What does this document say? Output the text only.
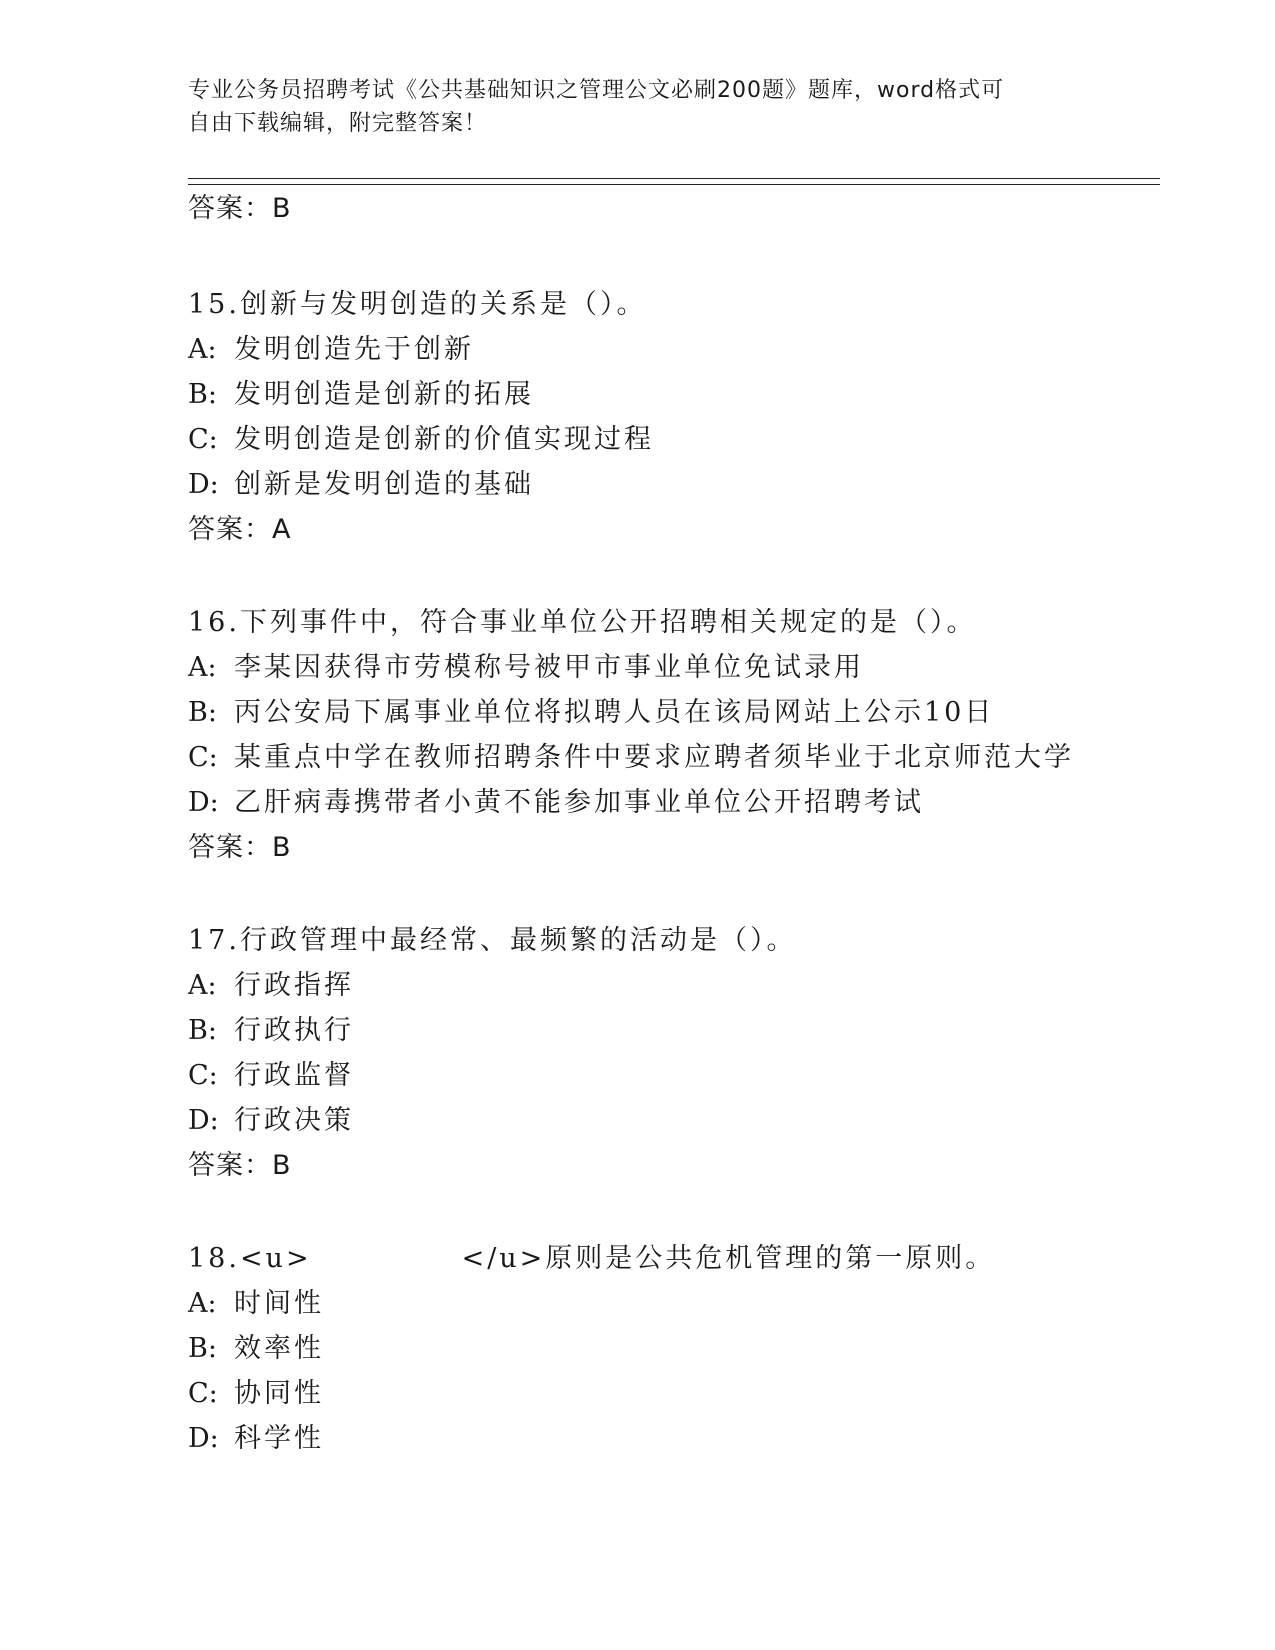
专业公务员招聘考试《公共基础知识之管理公文必刷200题》题库，word格式可
自由下载编辑，附完整答案！
答案：B
15.创新与发明创造的关系是（）。
A: 发明创造先于创新
B: 发明创造是创新的拓展
C: 发明创造是创新的价值实现过程
D: 创新是发明创造的基础
答案：A
16.下列事件中，符合事业单位公开招聘相关规定的是（）。
A: 李某因获得市劳模称号被甲市事业单位免试录用
B: 丙公安局下属事业单位将拟聘人员在该局网站上公示10日
C: 某重点中学在教师招聘条件中要求应聘者须毕业于北京师范大学
D: 乙肝病毒携带者小黄不能参加事业单位公开招聘考试
答案：B
17.行政管理中最经常、最频繁的活动是（）。
A: 行政指挥
B: 行政执行
C: 行政监督
D: 行政决策
答案：B
18.<u>	</u>原则是公共危机管理的第一原则。
A: 时间性
B: 效率性
C: 协同性
D: 科学性
